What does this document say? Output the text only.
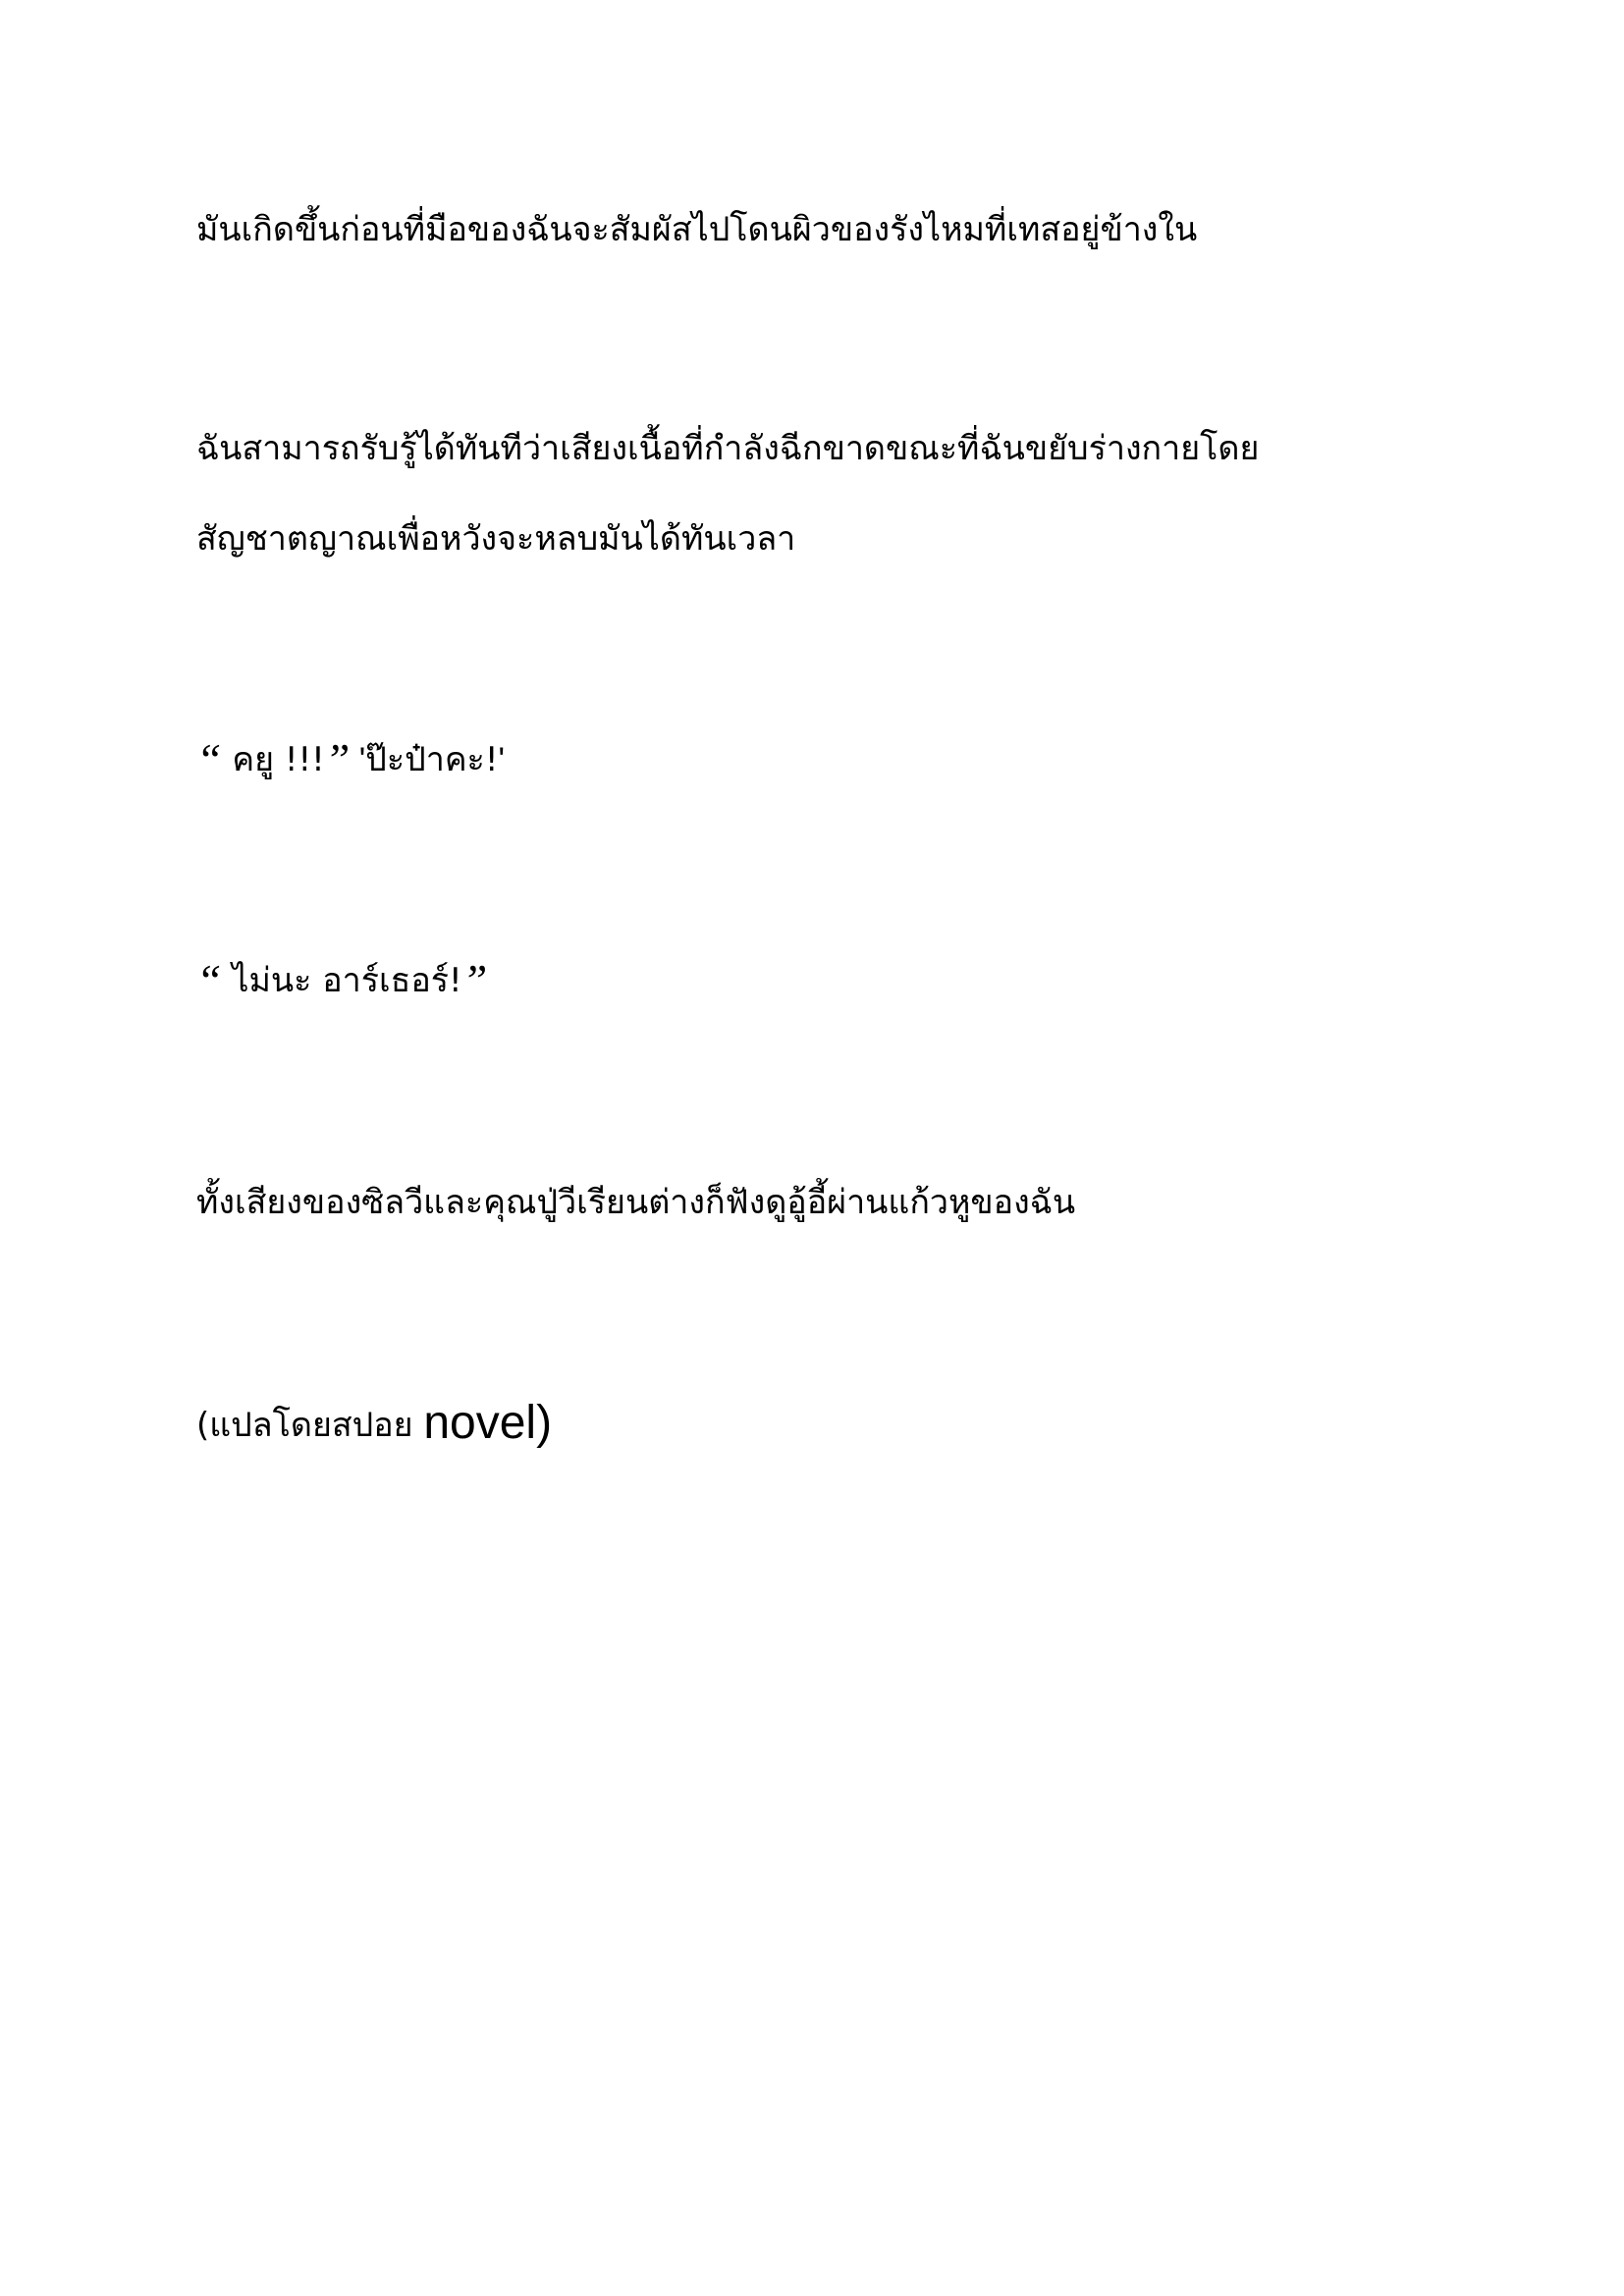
มันเกิดขึ้นก่อนที่มือของฉันจะสัมผัสไปโดนผิวของรังไหมที่เทสอยู่ข้างใน

ฉันสามารถรับรู้ได้ทันทีว่าเสียงเนื้อที่กำลังฉีกขาดขณะที่ฉันขยับร่างกายโดย

สัญชาตญาณเพื่อหวังจะหลบมันได้ทันเวลา

“ คยู !!!” 'ป๊ะป๋าคะ!'

“ ไม่นะ อาร์เธอร์!”

ทั้งเสียงของซิลวีและคุณปู่วีเรียนต่างก็ฟังดูอู้อี้ผ่านแก้วหูของฉัน

(แปลโดยสปอย novel)
